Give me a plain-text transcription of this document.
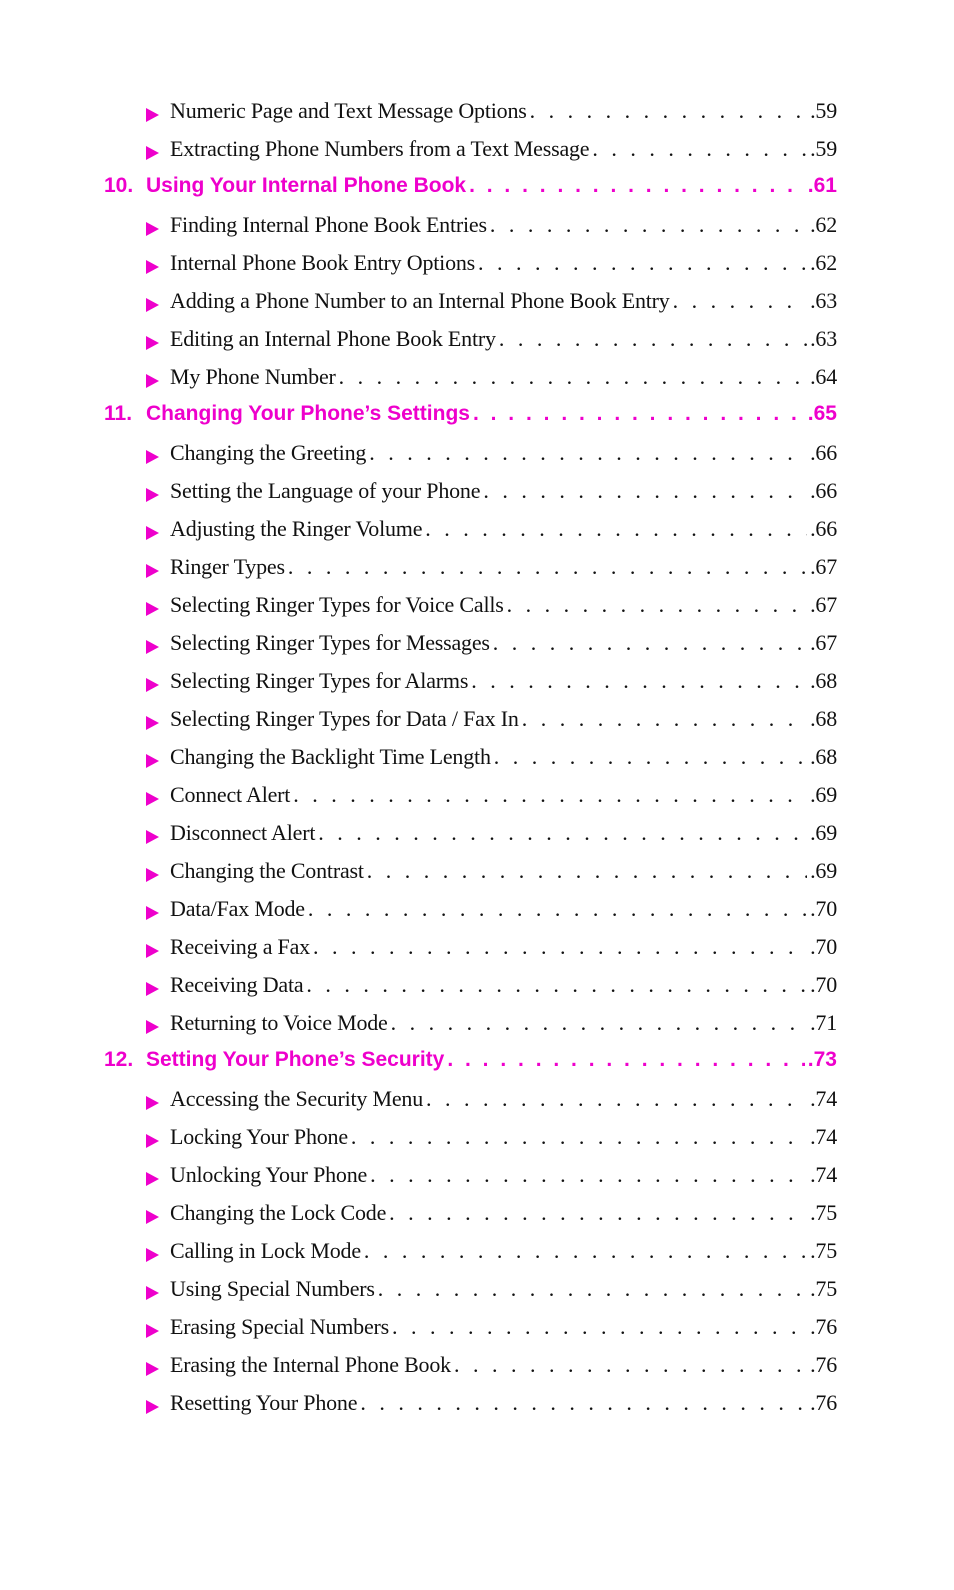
Numeric Page and Text Message Options . . .	.59
Extracting Phone Numbers from a Text Message . . .	.59
10. Using Your Internal Phone Book . . .	.61
Finding Internal Phone Book Entries . . .	.62
Internal Phone Book Entry Options . . .	.62
Adding a Phone Number to an Internal Phone Book Entry . . .	.63
Editing an Internal Phone Book Entry . . .	.63
My Phone Number . . .	.64
11. Changing Your Phone’s Settings . . .	.65
Changing the Greeting . . .	.66
Setting the Language of your Phone . . .	.66
Adjusting the Ringer Volume . . .	.66
Ringer Types . . .	.67
Selecting Ringer Types for Voice Calls . . .	.67
Selecting Ringer Types for Messages . . .	.67
Selecting Ringer Types for Alarms . . .	.68
Selecting Ringer Types for Data / Fax In . . .	.68
Changing the Backlight Time Length . . .	.68
Connect Alert . . .	.69
Disconnect Alert . . .	.69
Changing the Contrast . . .	.69
Data/Fax Mode . . .	.70
Receiving a Fax . . .	.70
Receiving Data . . .	.70
Returning to Voice Mode . . .	.71
12. Setting Your Phone’s Security . . .	.73
Accessing the Security Menu . . .	.74
Locking Your Phone . . .	.74
Unlocking Your Phone . . .	.74
Changing the Lock Code . . .	.75
Calling in Lock Mode . . .	.75
Using Special Numbers . . .	.75
Erasing Special Numbers . . .	.76
Erasing the Internal Phone Book . . .	.76
Resetting Your Phone . . .	.76
